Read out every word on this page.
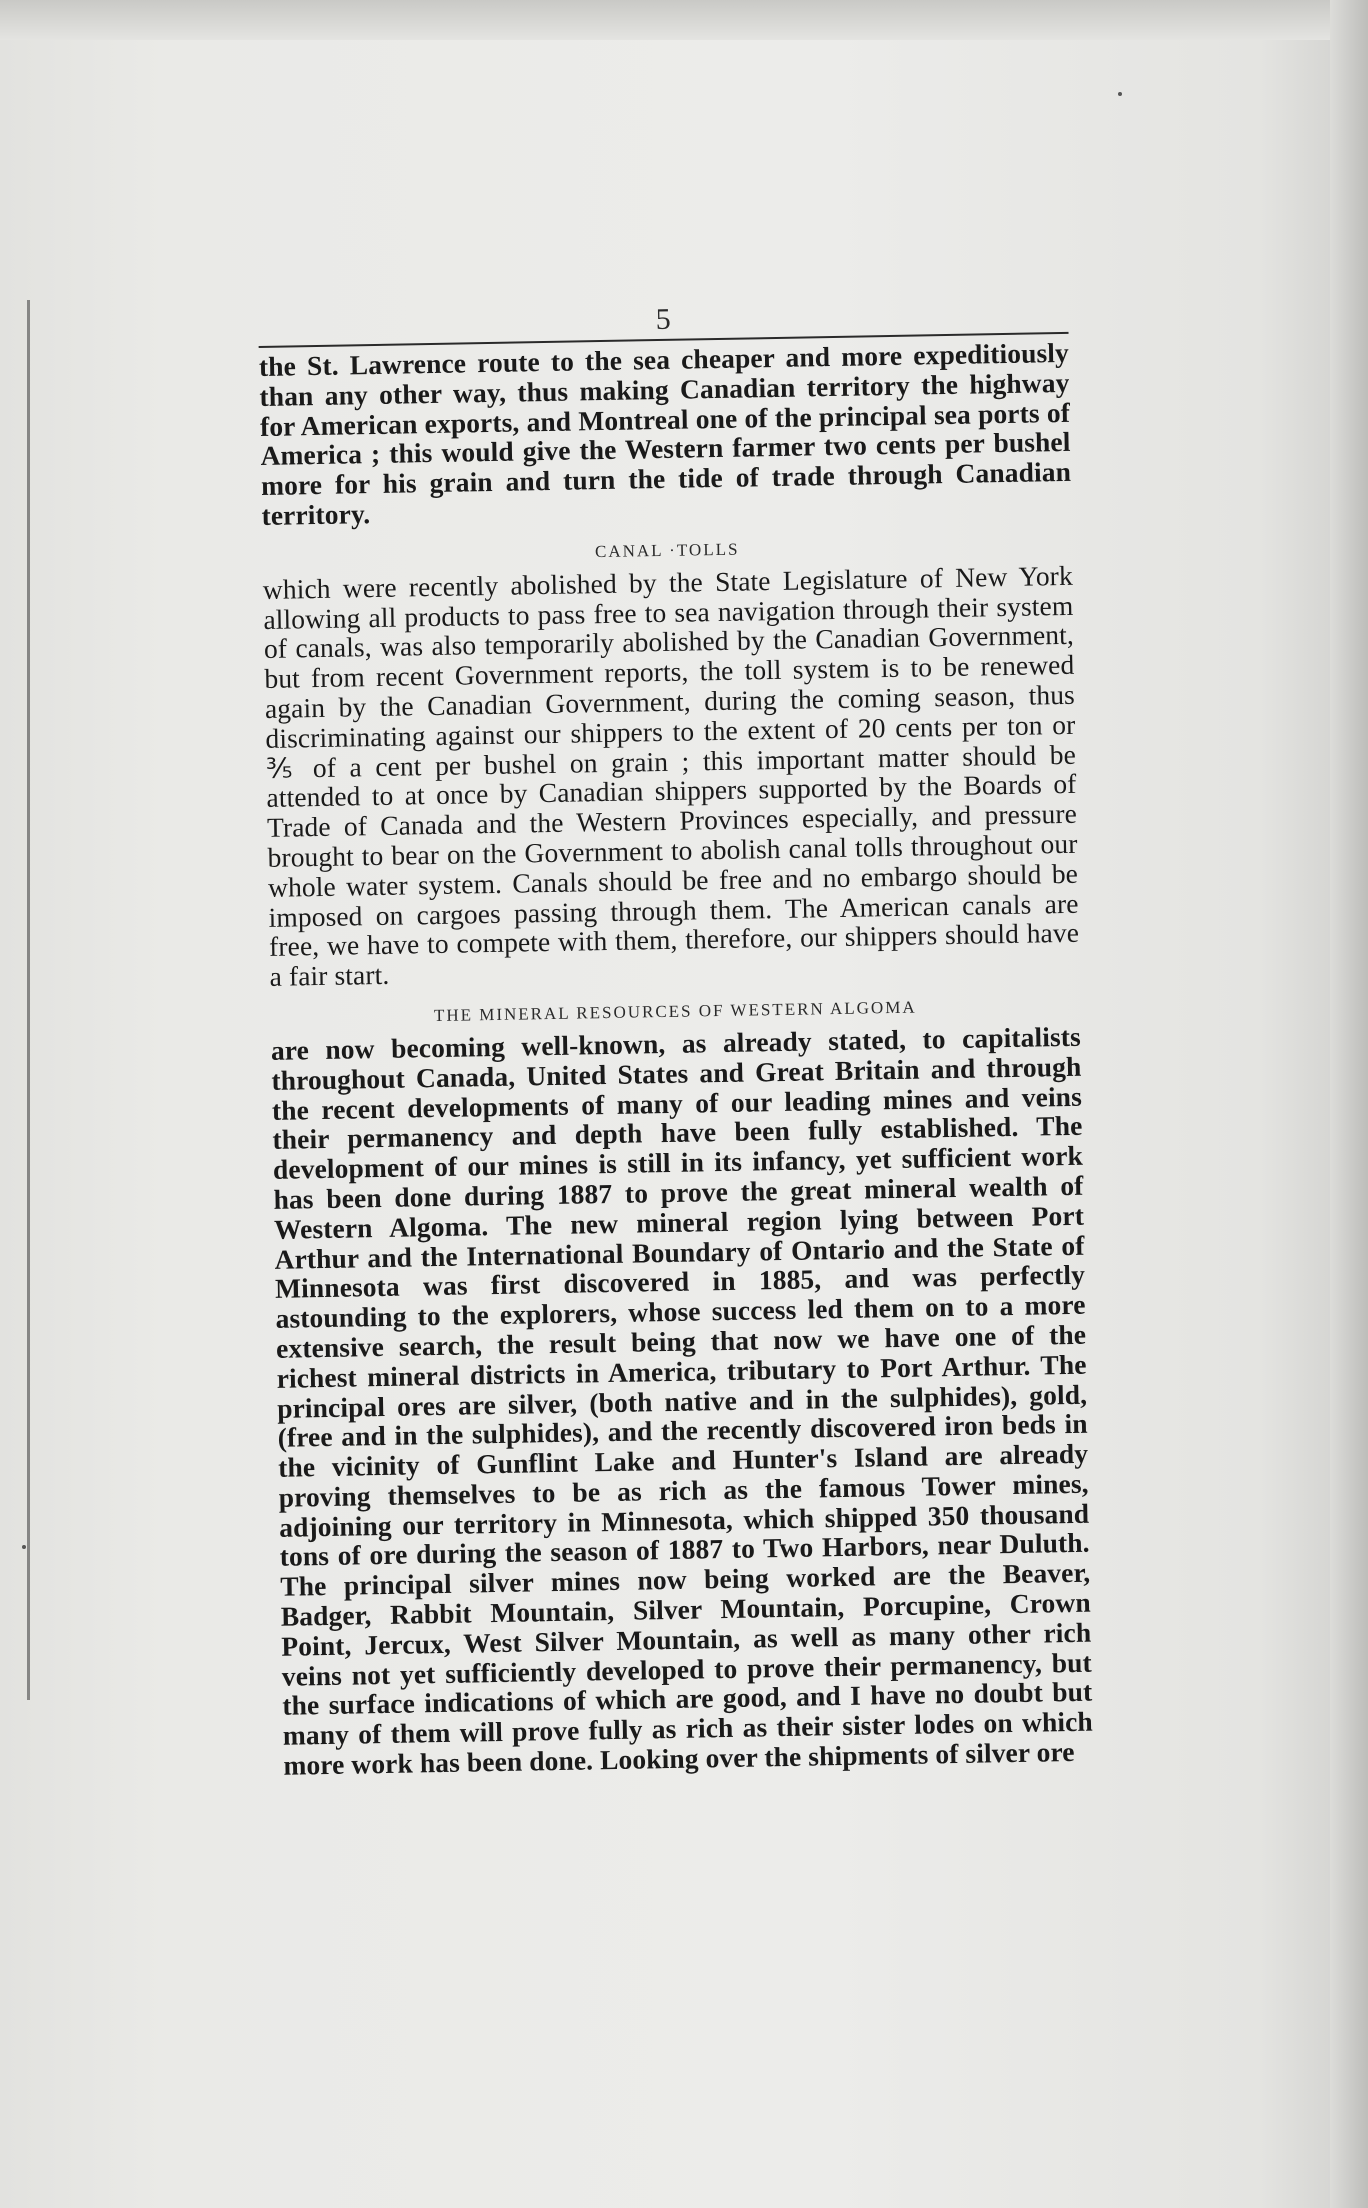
5

the St. Lawrence route to the sea cheaper and more expeditiously than any other way, thus making Canadian territory the highway for American exports, and Montreal one of the principal sea ports of America ; this would give the Western farmer two cents per bushel more for his grain and turn the tide of trade through Canadian territory.

CANAL ·TOLLS

which were recently abolished by the State Legislature of New York allowing all products to pass free to sea navigation through their system of canals, was also temporarily abolished by the Canadian Government, but from recent Government reports, the toll system is to be renewed again by the Canadian Government, during the coming season, thus discriminating against our shippers to the extent of 20 cents per ton or ⅗ of a cent per bushel on grain ; this important matter should be attended to at once by Canadian shippers supported by the Boards of Trade of Canada and the Western Provinces especially, and pressure brought to bear on the Government to abolish canal tolls throughout our whole water system. Canals should be free and no embargo should be imposed on cargoes passing through them. The American canals are free, we have to compete with them, therefore, our shippers should have a fair start.

THE MINERAL RESOURCES OF WESTERN ALGOMA

are now becoming well-known, as already stated, to capitalists throughout Canada, United States and Great Britain and through the recent developments of many of our leading mines and veins their permanency and depth have been fully established. The development of our mines is still in its infancy, yet sufficient work has been done during 1887 to prove the great mineral wealth of Western Algoma. The new mineral region lying between Port Arthur and the International Boundary of Ontario and the State of Minnesota was first discovered in 1885, and was perfectly astounding to the explorers, whose success led them on to a more extensive search, the result being that now we have one of the richest mineral districts in America, tributary to Port Arthur. The principal ores are silver, (both native and in the sulphides), gold, (free and in the sulphides), and the recently discovered iron beds in the vicinity of Gunflint Lake and Hunter's Island are already proving themselves to be as rich as the famous Tower mines, adjoining our territory in Minnesota, which shipped 350 thousand tons of ore during the season of 1887 to Two Harbors, near Duluth. The principal silver mines now being worked are the Beaver, Badger, Rabbit Mountain, Silver Mountain, Porcupine, Crown Point, Jercux, West Silver Mountain, as well as many other rich veins not yet sufficiently developed to prove their permanency, but the surface indications of which are good, and I have no doubt but many of them will prove fully as rich as their sister lodes on which more work has been done. Looking over the shipments of silver ore
